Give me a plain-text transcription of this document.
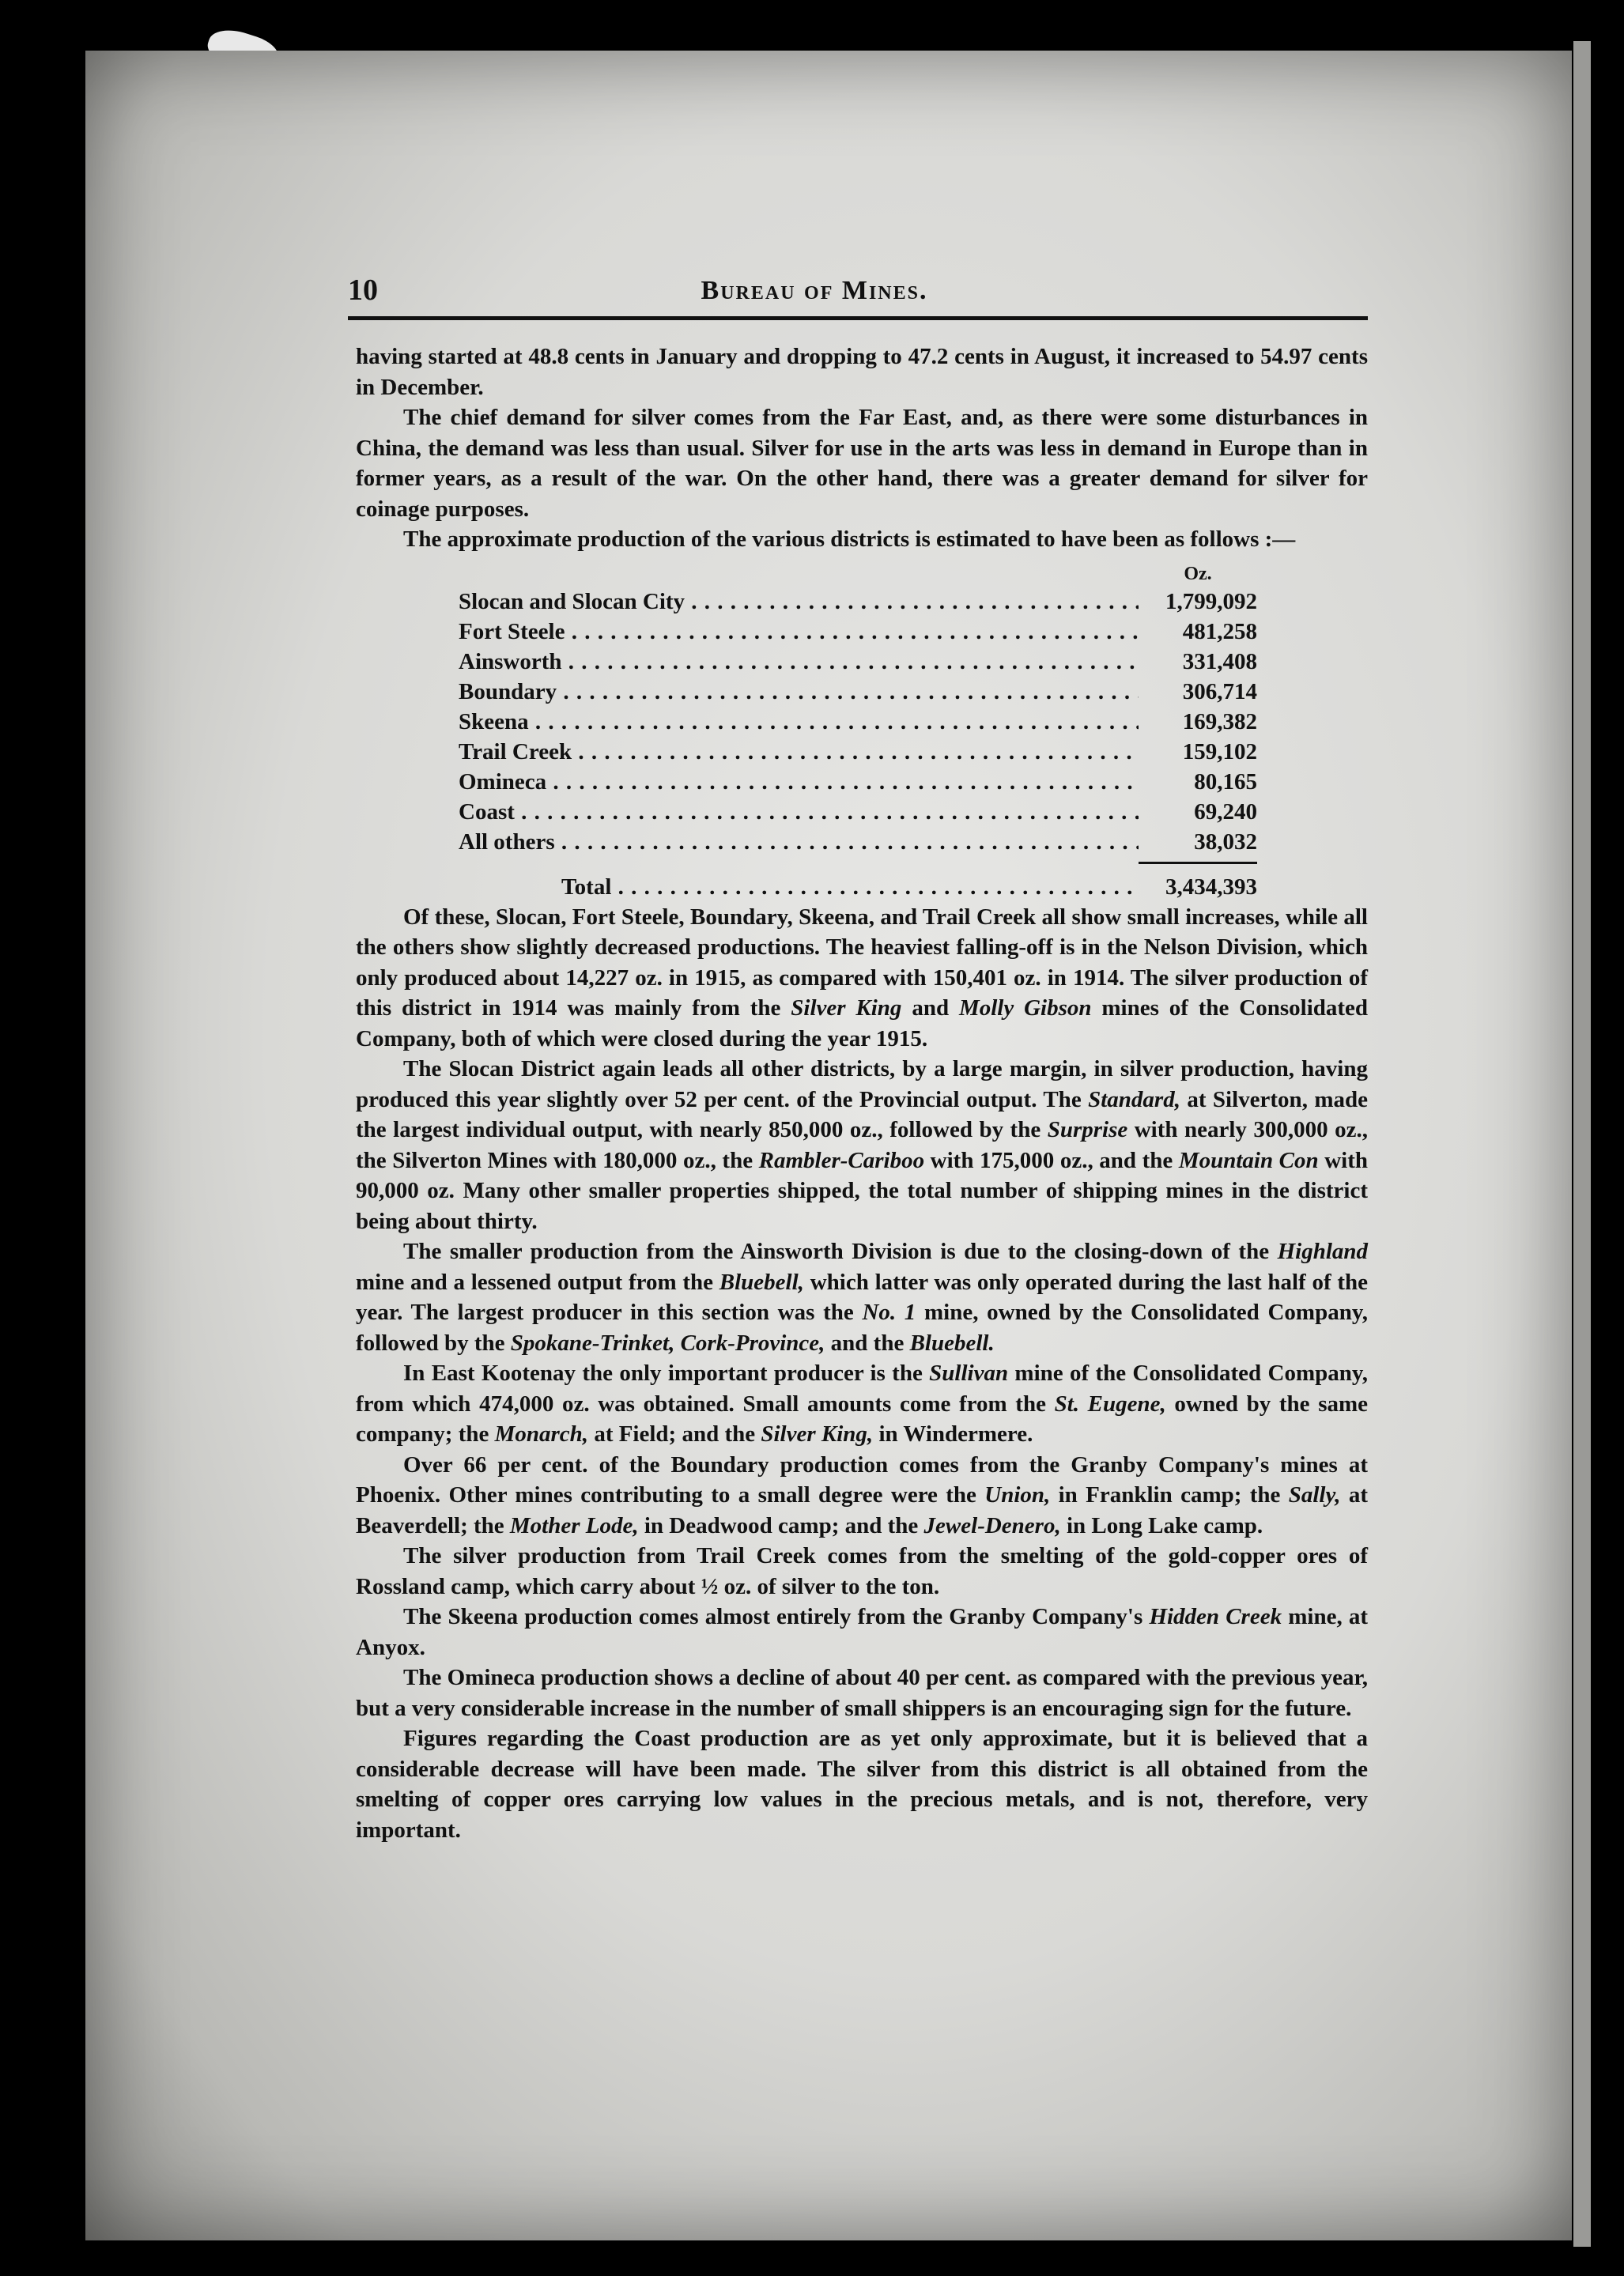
10	Bureau of Mines.

having started at 48.8 cents in January and dropping to 47.2 cents in August, it increased to 54.97 cents in December.

The chief demand for silver comes from the Far East, and, as there were some disturbances in China, the demand was less than usual. Silver for use in the arts was less in demand in Europe than in former years, as a result of the war. On the other hand, there was a greater demand for silver for coinage purposes.

The approximate production of the various districts is estimated to have been as follows :—

Oz.
Slocan and Slocan City . . .	1,799,092
Fort Steele . . .	481,258
Ainsworth . . .	331,408
Boundary . . .	306,714
Skeena . . .	169,382
Trail Creek . . .	159,102
Omineca . . .	80,165
Coast . . .	69,240
All others . . .	38,032
Total . . .	3,434,393

Of these, Slocan, Fort Steele, Boundary, Skeena, and Trail Creek all show small increases, while all the others show slightly decreased productions. The heaviest falling-off is in the Nelson Division, which only produced about 14,227 oz. in 1915, as compared with 150,401 oz. in 1914. The silver production of this district in 1914 was mainly from the Silver King and Molly Gibson mines of the Consolidated Company, both of which were closed during the year 1915.

The Slocan District again leads all other districts, by a large margin, in silver production, having produced this year slightly over 52 per cent. of the Provincial output. The Standard, at Silverton, made the largest individual output, with nearly 850,000 oz., followed by the Surprise with nearly 300,000 oz., the Silverton Mines with 180,000 oz., the Rambler-Cariboo with 175,000 oz., and the Mountain Con with 90,000 oz. Many other smaller properties shipped, the total number of shipping mines in the district being about thirty.

The smaller production from the Ainsworth Division is due to the closing-down of the Highland mine and a lessened output from the Bluebell, which latter was only operated during the last half of the year. The largest producer in this section was the No. 1 mine, owned by the Consolidated Company, followed by the Spokane-Trinket, Cork-Province, and the Bluebell.

In East Kootenay the only important producer is the Sullivan mine of the Consolidated Company, from which 474,000 oz. was obtained. Small amounts come from the St. Eugene, owned by the same company; the Monarch, at Field; and the Silver King, in Windermere.

Over 66 per cent. of the Boundary production comes from the Granby Company's mines at Phoenix. Other mines contributing to a small degree were the Union, in Franklin camp; the Sally, at Beaverdell; the Mother Lode, in Deadwood camp; and the Jewel-Denero, in Long Lake camp.

The silver production from Trail Creek comes from the smelting of the gold-copper ores of Rossland camp, which carry about ½ oz. of silver to the ton.

The Skeena production comes almost entirely from the Granby Company's Hidden Creek mine, at Anyox.

The Omineca production shows a decline of about 40 per cent. as compared with the previous year, but a very considerable increase in the number of small shippers is an encouraging sign for the future.

Figures regarding the Coast production are as yet only approximate, but it is believed that a considerable decrease will have been made. The silver from this district is all obtained from the smelting of copper ores carrying low values in the precious metals, and is not, therefore, very important.
